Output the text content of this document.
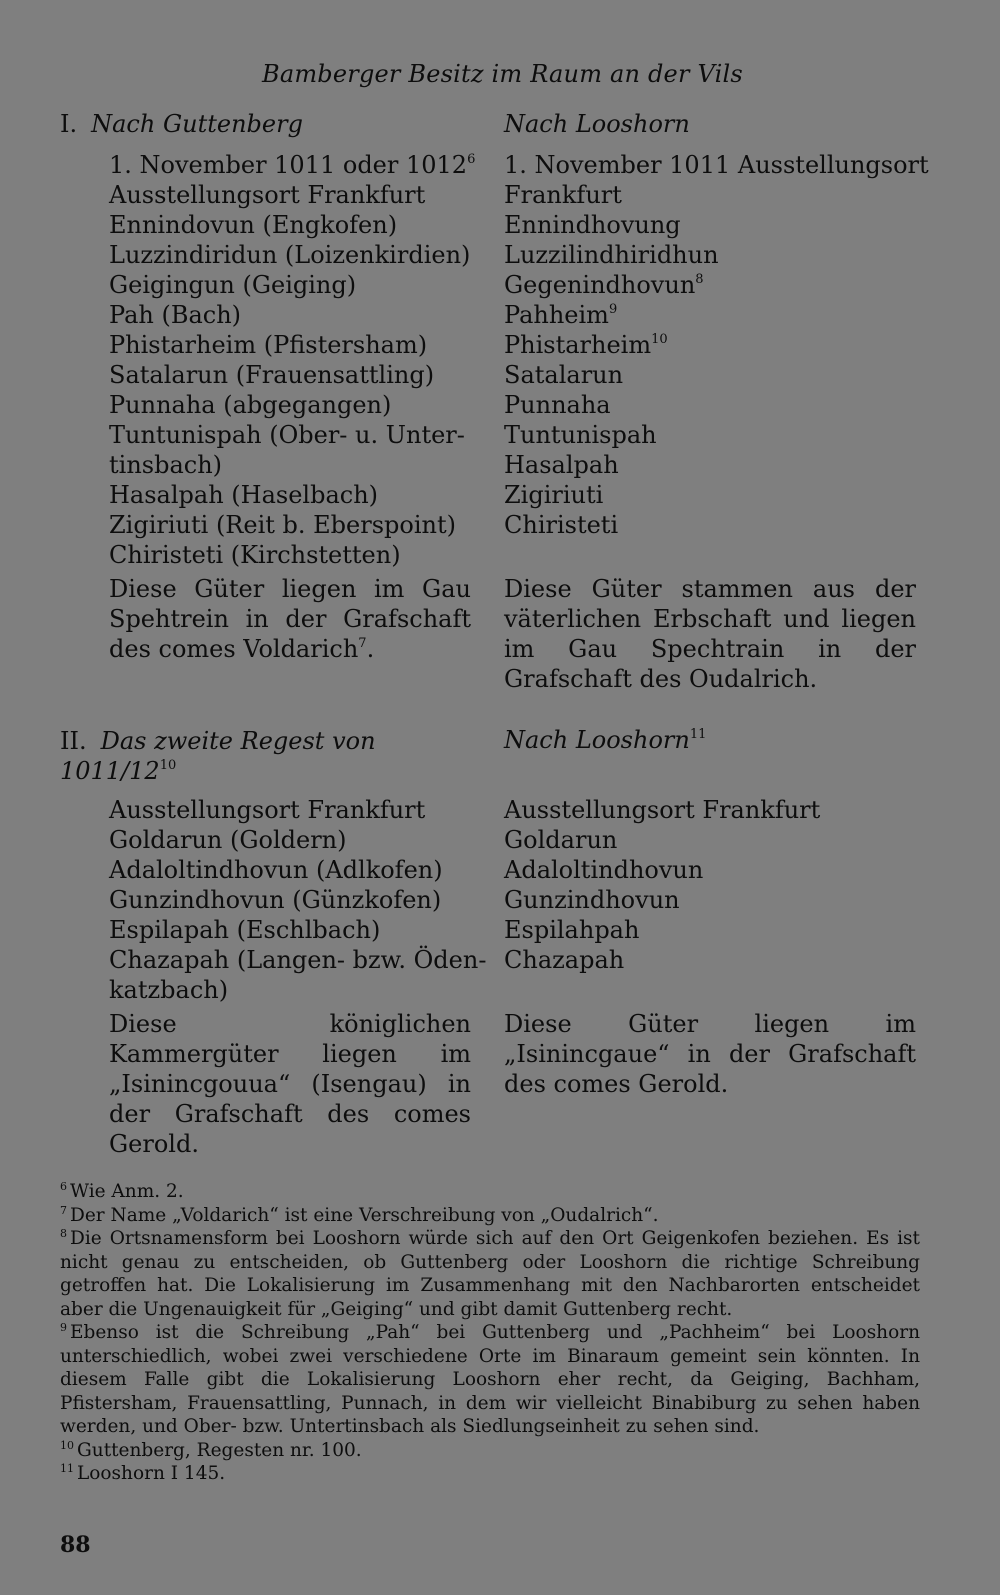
Bamberger Besitz im Raum an der Vils
I. Nach Guttenberg	Nach Looshorn
1. November 1011 oder 1012$^6$
Ausstellungsort Frankfurt
Ennindovun (Engkofen)
Luzzindiridun (Loizenkirdien)
Geigingun (Geiging)
Pah (Bach)
Phistarheim (Pfistersham)
Satalarun (Frauensattling)
Punnaha (abgegangen)
Tuntunispah (Ober- u. Unter-
tinsbach)
Hasalpah (Haselbach)
Zigiriuti (Reit b. Eberspoint)
Chiristeti (Kirchstetten)
Diese Güter liegen im Gau Spehtrein in der Grafschaft des comes Voldarich$^7$.
1. November 1011 Ausstellungsort
Frankfurt
Ennindhovung
Luzzilindhiridhun
Gegenindhovun$^8$
Pahheim$^9$
Phistarheim$^{10}$
Satalarun
Punnaha
Tuntunispah
Hasalpah
Zigiriuti
Chiristeti
Diese Güter stammen aus der väterlichen Erbschaft und liegen im Gau Spechtrain in der Grafschaft des Oudalrich.
II. Das zweite Regest von $1011/12^{10}$
Nach Looshorn$^{11}$
Ausstellungsort Frankfurt
Goldarun (Goldern)
Adaloltindhovun (Adlkofen)
Gunzindhovun (Günzkofen)
Espilapah (Eschlbach)
Chazapah (Langen- bzw. Öden-
katzbach)
Diese königlichen Kammergüter liegen im „Isinincgouua“ (Isengau) in der Grafschaft des comes Gerold.
Ausstellungsort Frankfurt
Goldarun
Adaloltindhovun
Gunzindhovun
Espilahpah
Chazapah
Diese Güter liegen im „Isinincgaue“ in der Grafschaft des comes Gerold.
$^6$ Wie Anm. 2.
$^7$ Der Name „Voldarich“ ist eine Verschreibung von „Oudalrich“.
$^8$ Die Ortsnamensform bei Looshorn würde sich auf den Ort Geigenkofen beziehen. Es ist nicht genau zu entscheiden, ob Guttenberg oder Looshorn die richtige Schreibung getroffen hat. Die Lokalisierung im Zusammenhang mit den Nachbarorten entscheidet aber die Ungenauigkeit für „Geiging“ und gibt damit Guttenberg recht.
$^9$ Ebenso ist die Schreibung „Pah“ bei Guttenberg und „Pachheim“ bei Looshorn unterschiedlich, wobei zwei verschiedene Orte im Binaraum gemeint sein könnten. In diesem Falle gibt die Lokalisierung Looshorn eher recht, da Geiging, Bachham, Pfistersham, Frauensattling, Punnach, in dem wir vielleicht Binabiburg zu sehen haben werden, und Ober- bzw. Untertinsbach als Siedlungseinheit zu sehen sind.
$^{10}$ Guttenberg, Regesten nr. 100.
$^{11}$ Looshorn I 145.
88
